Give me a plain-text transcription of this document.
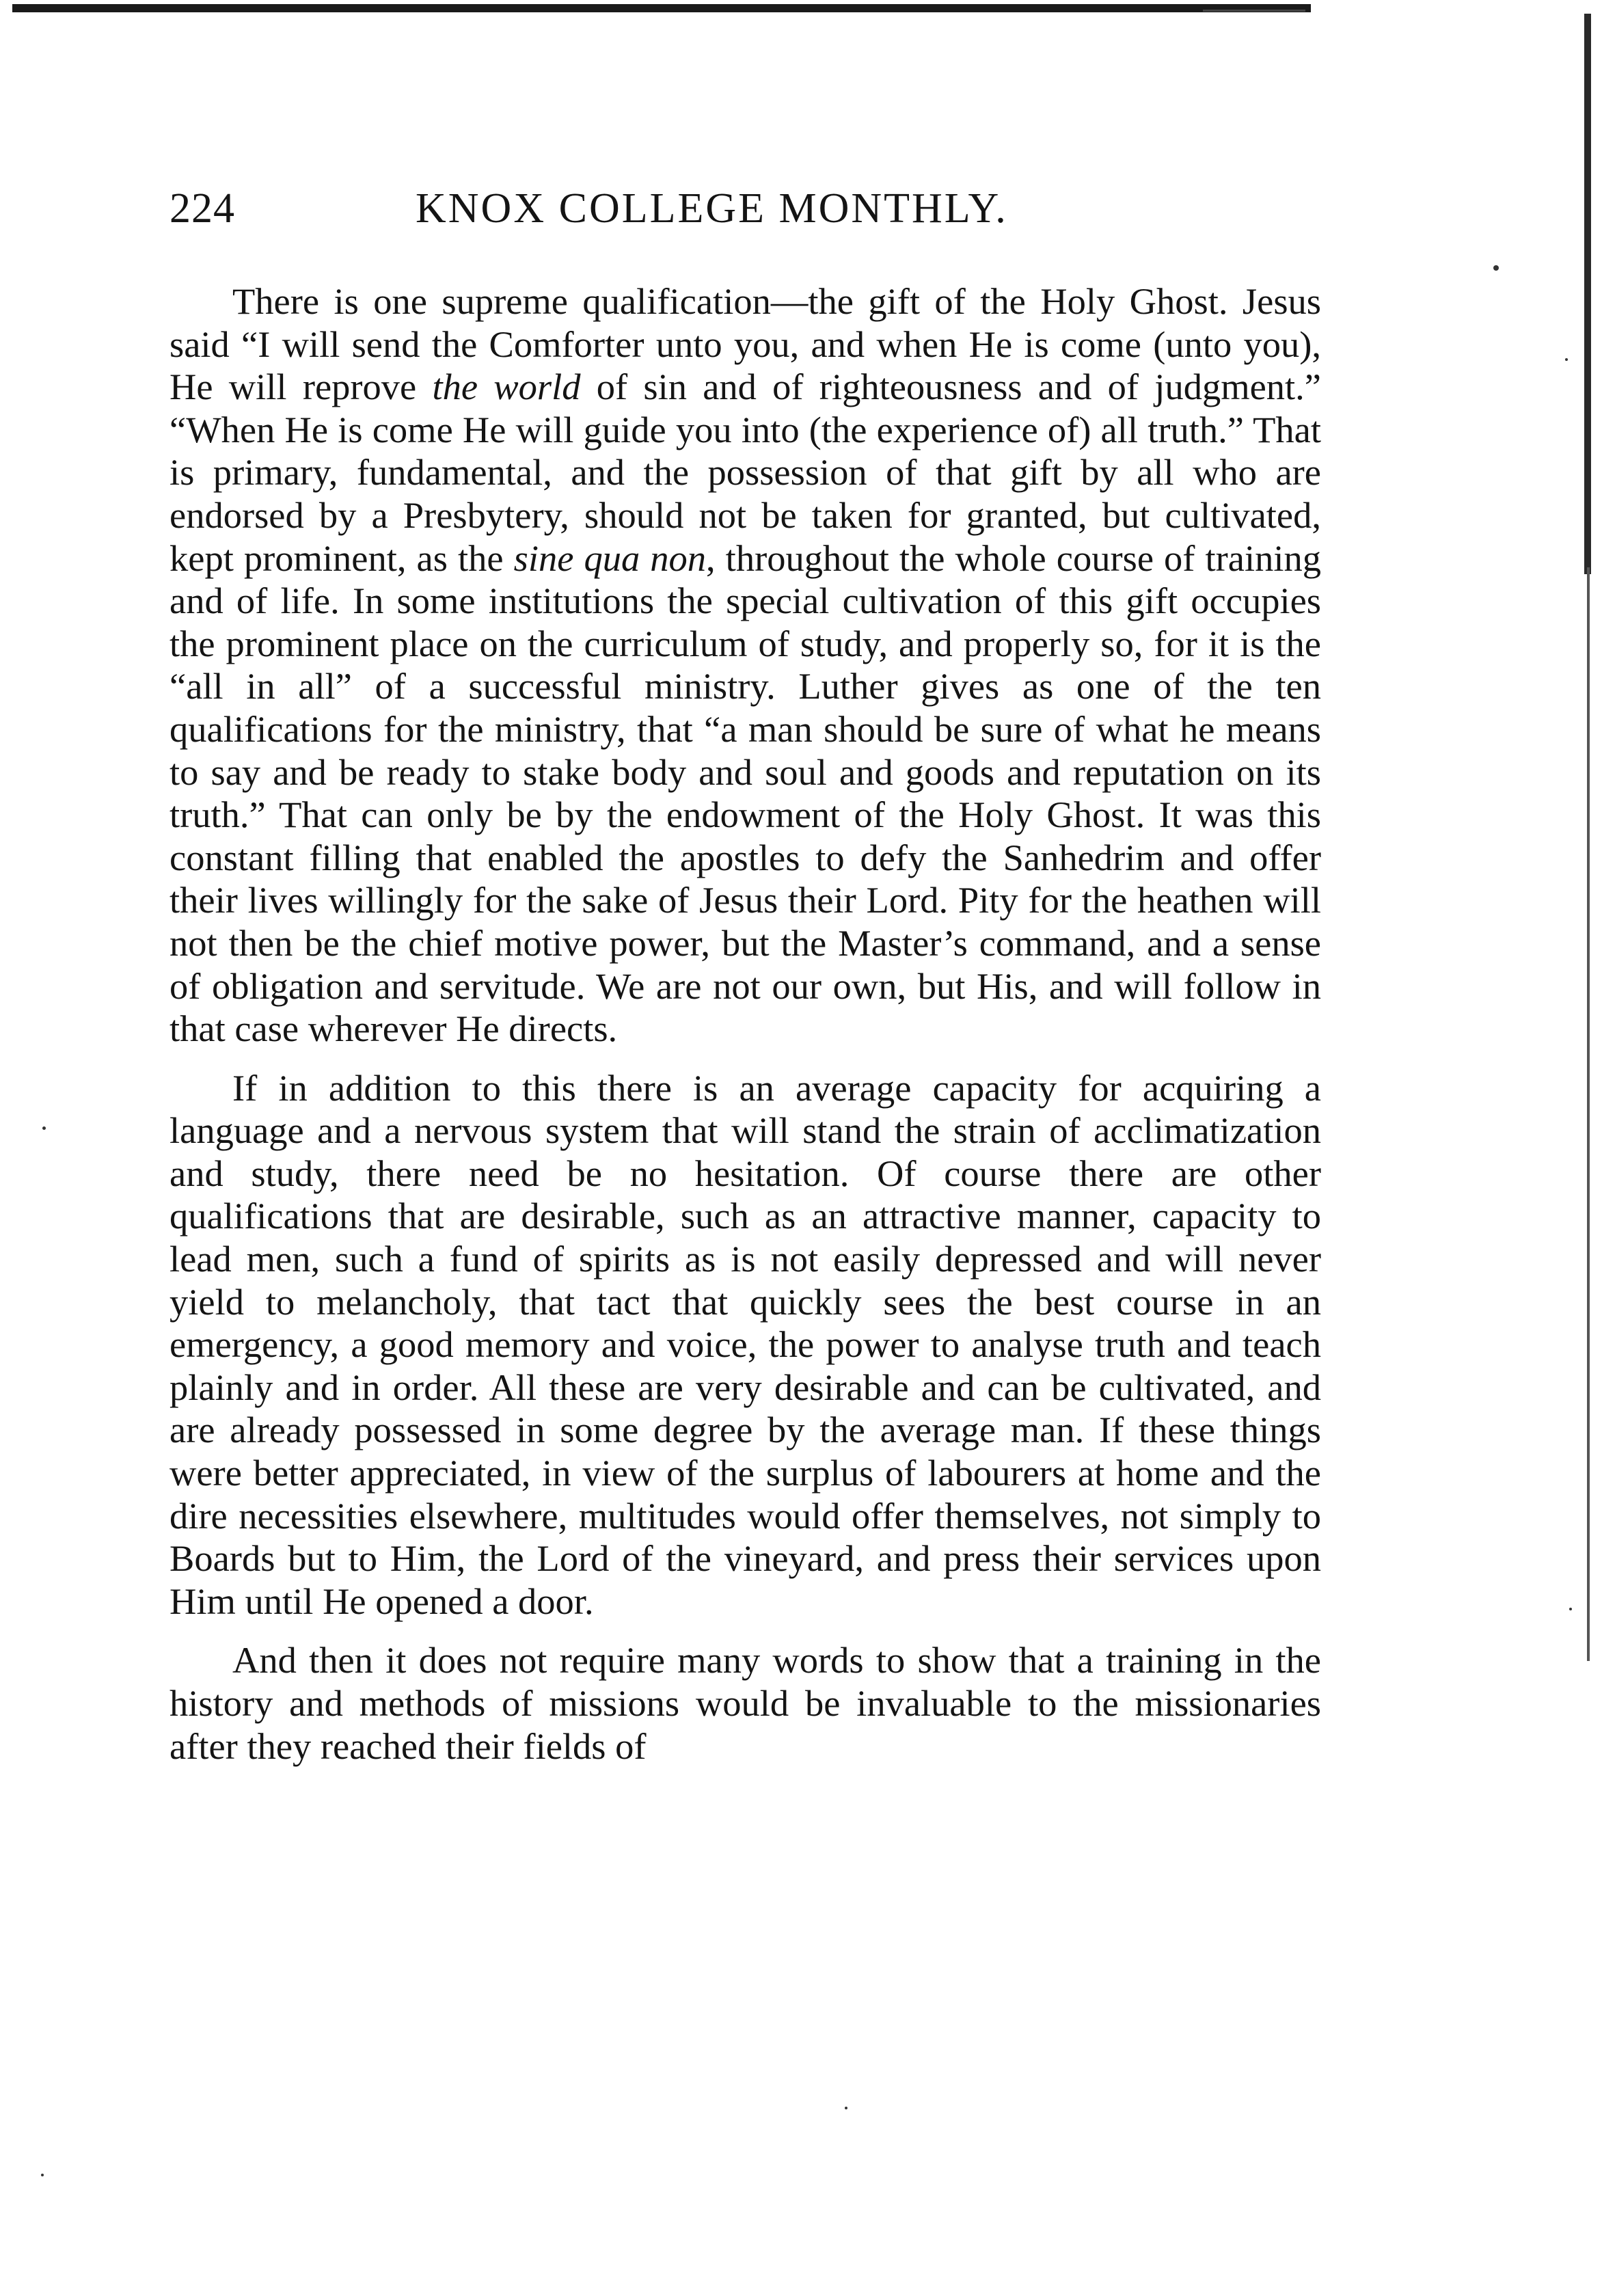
224	KNOX COLLEGE MONTHLY.

There is one supreme qualification—the gift of the Holy Ghost. Jesus said “I will send the Comforter unto you, and when He is come (unto you), He will reprove the world of sin and of righteousness and of judgment.” “When He is come He will guide you into (the experience of) all truth.” That is primary, fundamental, and the possession of that gift by all who are endorsed by a Presbytery, should not be taken for granted, but cultivated, kept prominent, as the sine qua non, throughout the whole course of training and of life. In some institutions the special cultivation of this gift occupies the prominent place on the curriculum of study, and properly so, for it is the “all in all” of a successful ministry. Luther gives as one of the ten qualifications for the ministry, that “a man should be sure of what he means to say and be ready to stake body and soul and goods and reputation on its truth.” That can only be by the endowment of the Holy Ghost. It was this constant filling that enabled the apostles to defy the Sanhedrim and offer their lives willingly for the sake of Jesus their Lord. Pity for the heathen will not then be the chief motive power, but the Master’s command, and a sense of obligation and servitude. We are not our own, but His, and will follow in that case wherever He directs.

If in addition to this there is an average capacity for acquiring a language and a nervous system that will stand the strain of acclimatization and study, there need be no hesitation. Of course there are other qualifications that are desirable, such as an attractive manner, capacity to lead men, such a fund of spirits as is not easily depressed and will never yield to melancholy, that tact that quickly sees the best course in an emergency, a good memory and voice, the power to analyse truth and teach plainly and in order. All these are very desirable and can be cultivated, and are already possessed in some degree by the average man. If these things were better appreciated, in view of the surplus of labourers at home and the dire necessities elsewhere, multitudes would offer themselves, not simply to Boards but to Him, the Lord of the vineyard, and press their services upon Him until He opened a door.

And then it does not require many words to show that a training in the history and methods of missions would be invaluable to the missionaries after they reached their fields of
